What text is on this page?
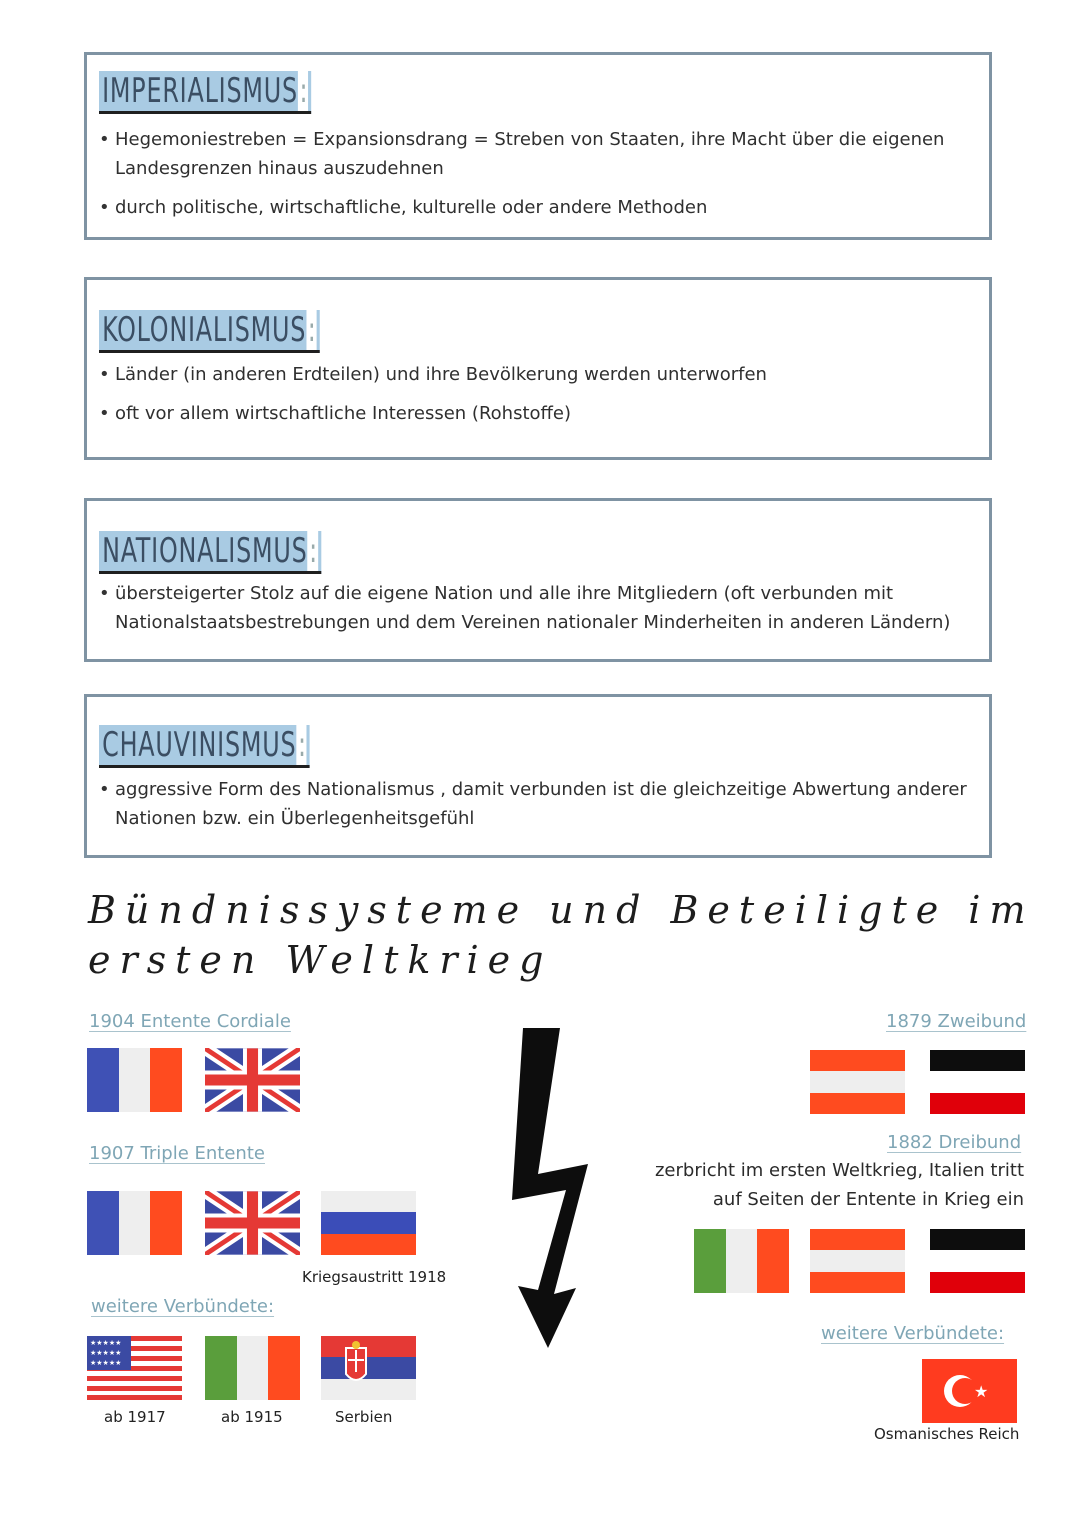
IMPERIALISMUS:
• Hegemoniestreben = Expansionsdrang = Streben von Staaten, ihre Macht über die eigenen Landesgrenzen hinaus auszudehnen
• durch politische, wirtschaftliche, kulturelle oder andere Methoden
KOLONIALISMUS:
• Länder (in anderen Erdteilen) und ihre Bevölkerung werden unterworfen
• oft vor allem wirtschaftliche Interessen (Rohstoffe)
NATIONALISMUS:
• übersteigerter Stolz auf die eigene Nation und alle ihre Mitgliedern (oft verbunden mit Nationalstaatsbestrebungen und dem Vereinen nationaler Minderheiten in anderen Ländern)
CHAUVINISMUS:
• aggressive Form des Nationalismus , damit verbunden ist die gleichzeitige Abwertung anderer Nationen bzw. ein Überlegenheitsgefühl
Bündnissysteme und Beteiligte im
ersten Weltkrieg
1904 Entente Cordiale
1907 Triple Entente
Kriegsaustritt 1918
weitere Verbündete:
★★★★★
★★★★★
★★★★★
ab 1917	ab 1915	Serbien
1879 Zweibund
1882 Dreibund
zerbricht im ersten Weltkrieg, Italien tritt
auf Seiten der Entente in Krieg ein
weitere Verbündete:
★
Osmanisches Reich
